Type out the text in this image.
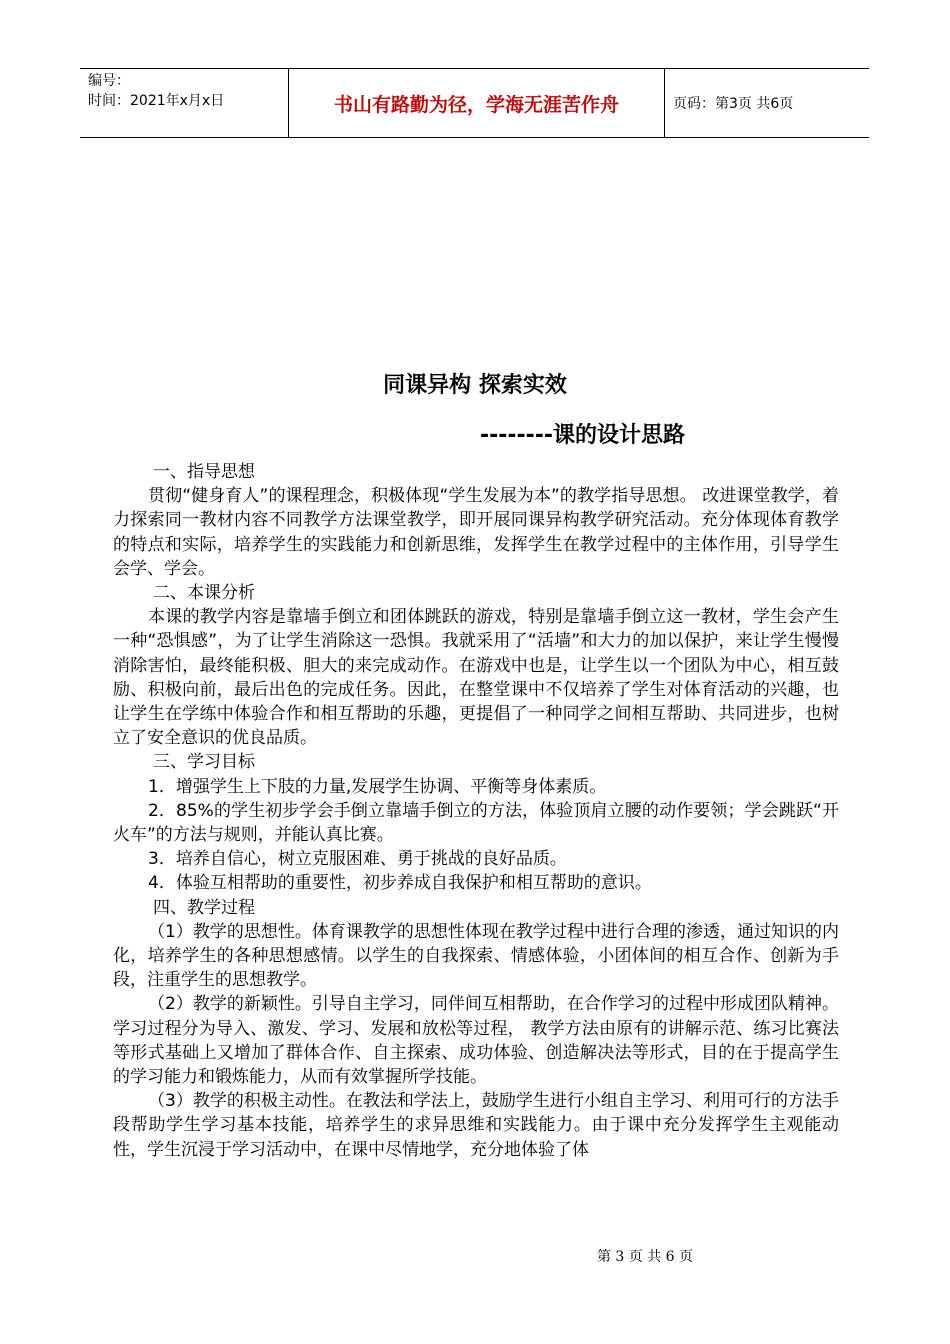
编号：
时间：2021年x月x日	书山有路勤为径，学海无涯苦作舟	页码：第3页 共6页
同课异构 探索实效
--------课的设计思路

一、指导思想

贯彻“健身育人”的课程理念，积极体现“学生发展为本”的教学指导思想。 改进课堂教学，着力探索同一教材内容不同教学方法课堂教学，即开展同课异构教学研究活动。充分体现体育教学的特点和实际，培养学生的实践能力和创新思维，发挥学生在教学过程中的主体作用，引导学生会学、学会。

二、本课分析

本课的教学内容是靠墙手倒立和团体跳跃的游戏，特别是靠墙手倒立这一教材，学生会产生一种“恐惧感”，为了让学生消除这一恐惧。我就采用了“活墙”和大力的加以保护，来让学生慢慢消除害怕，最终能积极、胆大的来完成动作。在游戏中也是，让学生以一个团队为中心，相互鼓励、积极向前，最后出色的完成任务。因此，在整堂课中不仅培养了学生对体育活动的兴趣，也让学生在学练中体验合作和相互帮助的乐趣，更提倡了一种同学之间相互帮助、共同进步，也树立了安全意识的优良品质。

三、学习目标

1．增强学生上下肢的力量,发展学生协调、平衡等身体素质。

2．85%的学生初步学会手倒立靠墙手倒立的方法，体验顶肩立腰的动作要领；学会跳跃“开火车”的方法与规则，并能认真比赛。

3．培养自信心，树立克服困难、勇于挑战的良好品质。

4．体验互相帮助的重要性，初步养成自我保护和相互帮助的意识。

四、教学过程

（1）教学的思想性。体育课教学的思想性体现在教学过程中进行合理的渗透，通过知识的内化，培养学生的各种思想感情。以学生的自我探索、情感体验，小团体间的相互合作、创新为手段，注重学生的思想教学。

（2）教学的新颖性。引导自主学习，同伴间互相帮助，在合作学习的过程中形成团队精神。学习过程分为导入、激发、学习、发展和放松等过程， 教学方法由原有的讲解示范、练习比赛法等形式基础上又增加了群体合作、自主探索、成功体验、创造解决法等形式，目的在于提高学生的学习能力和锻炼能力，从而有效掌握所学技能。

（3）教学的积极主动性。在教法和学法上，鼓励学生进行小组自主学习、利用可行的方法手段帮助学生学习基本技能，培养学生的求异思维和实践能力。由于课中充分发挥学生主观能动性，学生沉浸于学习活动中，在课中尽情地学，充分地体验了体

第 3 页 共 6 页
